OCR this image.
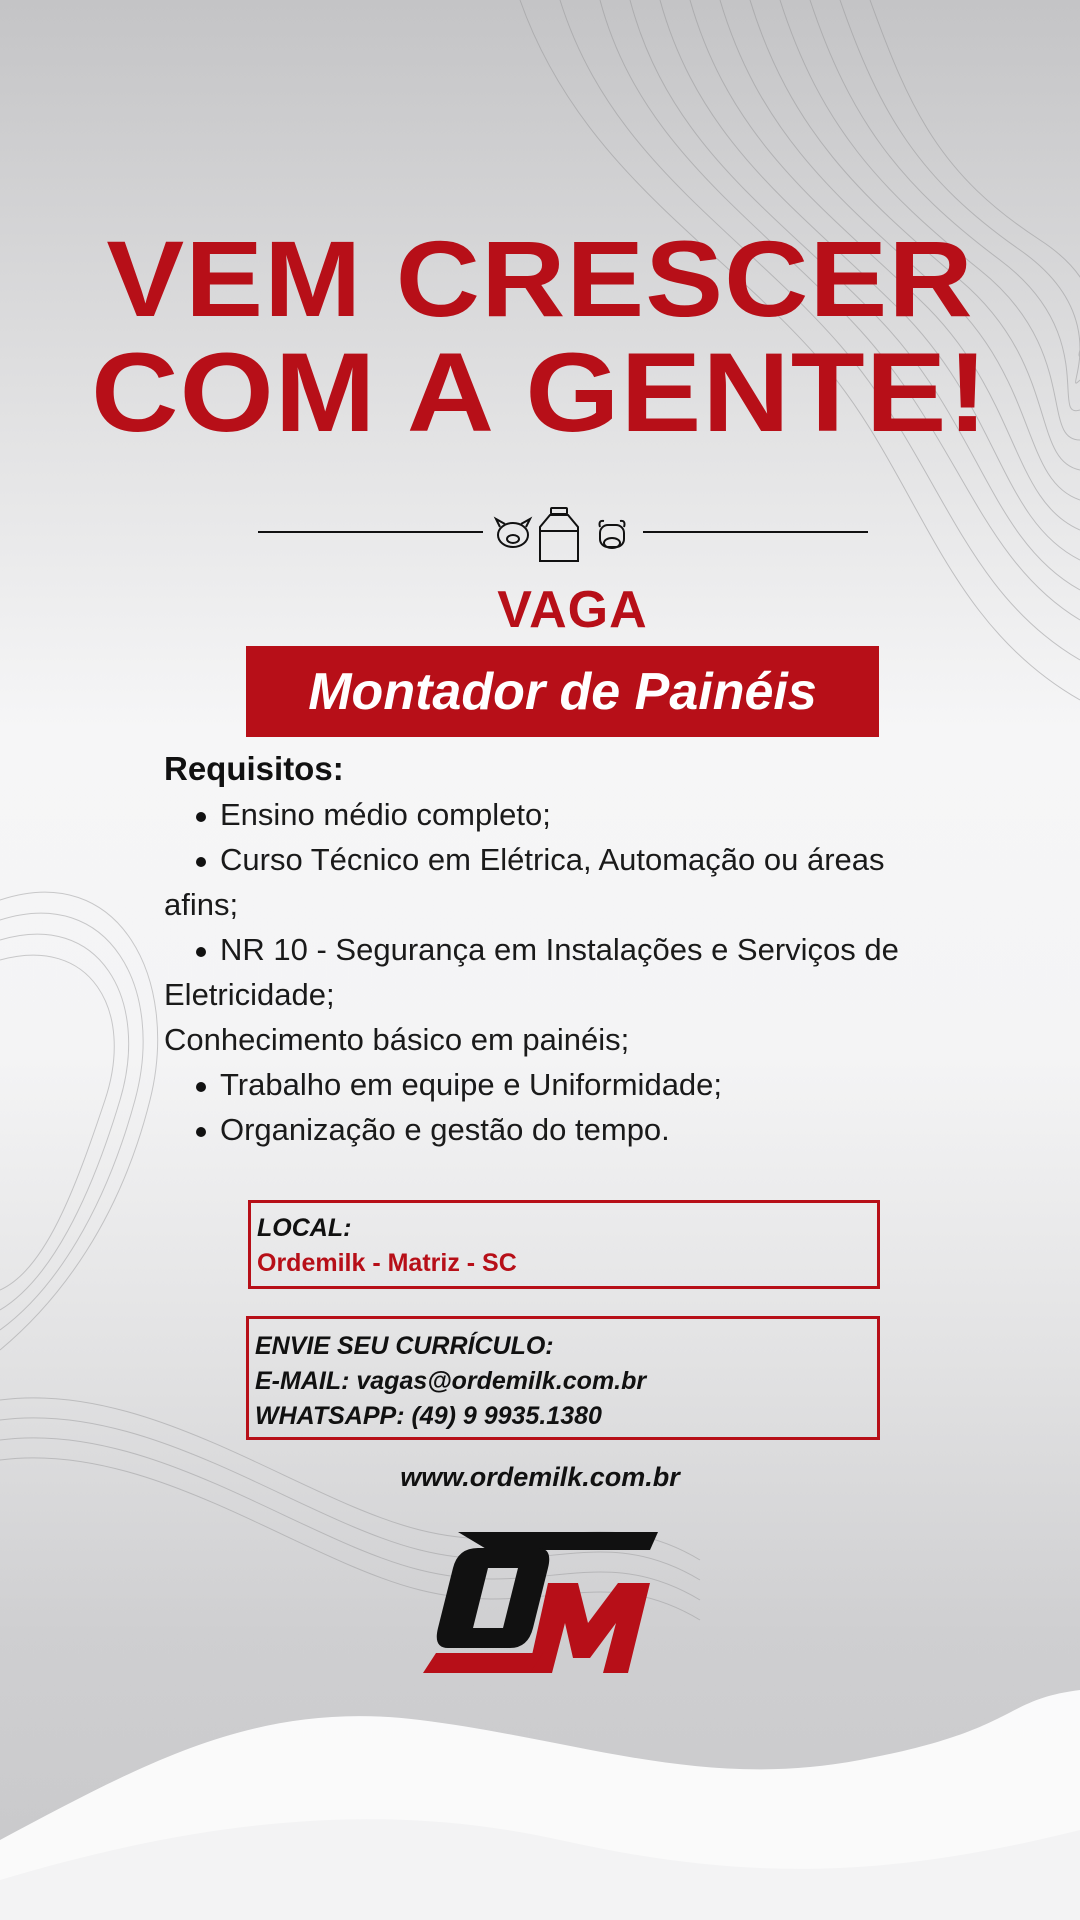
VEM CRESCER
COM A GENTE!
VAGA
Montador de Painéis
Requisitos:
Ensino médio completo;
Curso Técnico em Elétrica, Automação ou áreas
afins;
NR 10 - Segurança em Instalações e Serviços de
Eletricidade;
Conhecimento básico em painéis;
Trabalho em equipe e Uniformidade;
Organização e gestão do tempo.
LOCAL:
Ordemilk - Matriz - SC
ENVIE SEU CURRÍCULO:
E-MAIL: vagas@ordemilk.com.br
WHATSAPP: (49) 9 9935.1380
www.ordemilk.com.br
